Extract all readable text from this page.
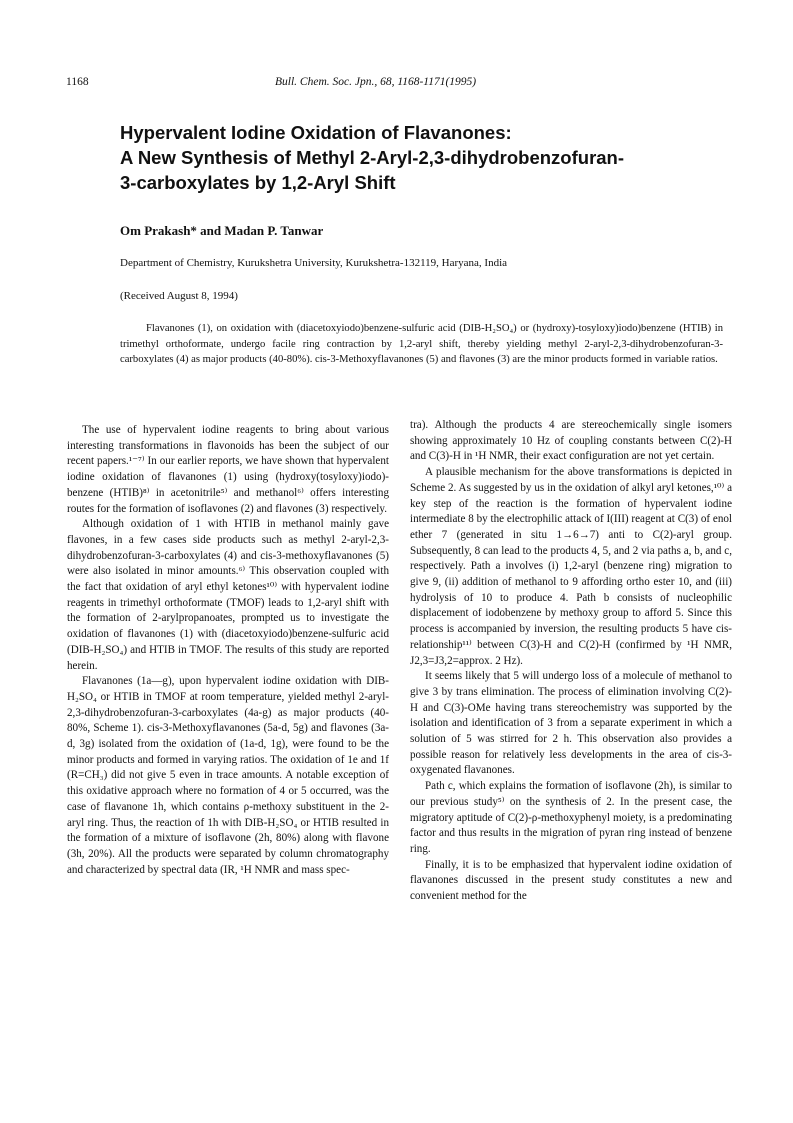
1168	Bull. Chem. Soc. Jpn., 68, 1168-1171(1995)
Hypervalent Iodine Oxidation of Flavanones:
A New Synthesis of Methyl 2-Aryl-2,3-dihydrobenzofuran-
3-carboxylates by 1,2-Aryl Shift
Om Prakash* and Madan P. Tanwar
Department of Chemistry, Kurukshetra University, Kurukshetra-132119, Haryana, India
(Received August 8, 1994)

Flavanones (1), on oxidation with (diacetoxyiodo)benzene-sulfuric acid (DIB-H₂SO₄) or (hydroxy)-tosyloxy)iodo)benzene (HTIB) in trimethyl orthoformate, undergo facile ring contraction by 1,2-aryl shift, thereby yielding methyl 2-aryl-2,3-dihydrobenzofuran-3-carboxylates (4) as major products (40-80%). cis-3-Methoxyflavanones (5) and flavones (3) are the minor products formed in variable ratios.

The use of hypervalent iodine reagents to bring about various interesting transformations in flavonoids has been the subject of our recent papers.¹⁻⁷⁾ In our earlier reports, we have shown that hypervalent iodine oxidation of flavanones (1) using (hydroxy(tosyloxy)iodo)-benzene (HTIB)⁸⁾ in acetonitrile⁵⁾ and methanol⁶⁾ offers interesting routes for the formation of isoflavones (2) and flavones (3) respectively.

Although oxidation of 1 with HTIB in methanol mainly gave flavones, in a few cases side products such as methyl 2-aryl-2,3-dihydrobenzofuran-3-carboxylates (4) and cis-3-methoxyflavanones (5) were also isolated in minor amounts.⁶⁾ This observation coupled with the fact that oxidation of aryl ethyl ketones¹⁰⁾ with hypervalent iodine reagents in trimethyl orthoformate (TMOF) leads to 1,2-aryl shift with the formation of 2-arylpropanoates, prompted us to investigate the oxidation of flavanones (1) with (diacetoxyiodo)benzene-sulfuric acid (DIB-H₂SO₄) and HTIB in TMOF. The results of this study are reported herein.

Flavanones (1a—g), upon hypervalent iodine oxidation with DIB-H₂SO₄ or HTIB in TMOF at room temperature, yielded methyl 2-aryl-2,3-dihydrobenzofuran-3-carboxylates (4a-g) as major products (40-80%, Scheme 1). cis-3-Methoxyflavanones (5a-d, 5g) and flavones (3a-d, 3g) isolated from the oxidation of (1a-d, 1g), were found to be the minor products and formed in varying ratios. The oxidation of 1e and 1f (R=CH₃) did not give 5 even in trace amounts. A notable exception of this oxidative approach where no formation of 4 or 5 occurred, was the case of flavanone 1h, which contains ρ-methoxy substituent in the 2-aryl ring. Thus, the reaction of 1h with DIB-H₂SO₄ or HTIB resulted in the formation of a mixture of isoflavone (2h, 80%) along with flavone (3h, 20%). All the products were separated by column chromatography and characterized by spectral data (IR, ¹H NMR and mass spec-

tra). Although the products 4 are stereochemically single isomers showing approximately 10 Hz of coupling constants between C(2)-H and C(3)-H in ¹H NMR, their exact configuration are not yet certain.

A plausible mechanism for the above transformations is depicted in Scheme 2. As suggested by us in the oxidation of alkyl aryl ketones,¹⁰⁾ a key step of the reaction is the formation of hypervalent iodine intermediate 8 by the electrophilic attack of I(III) reagent at C(3) of enol ether 7 (generated in situ 1→6→7) anti to C(2)-aryl group. Subsequently, 8 can lead to the products 4, 5, and 2 via paths a, b, and c, respectively. Path a involves (i) 1,2-aryl (benzene ring) migration to give 9, (ii) addition of methanol to 9 affording ortho ester 10, and (iii) hydrolysis of 10 to produce 4. Path b consists of nucleophilic displacement of iodobenzene by methoxy group to afford 5. Since this process is accompanied by inversion, the resulting products 5 have cis-relationship¹¹⁾ between C(3)-H and C(2)-H (confirmed by ¹H NMR, J2,3=J3,2=approx. 2 Hz).

It seems likely that 5 will undergo loss of a molecule of methanol to give 3 by trans elimination. The process of elimination involving C(2)-H and C(3)-OMe having trans stereochemistry was supported by the isolation and identification of 3 from a separate experiment in which a solution of 5 was stirred for 2 h. This observation also provides a possible reason for relatively less developments in the area of cis-3-oxygenated flavanones.

Path c, which explains the formation of isoflavone (2h), is similar to our previous study⁵⁾ on the synthesis of 2. In the present case, the migratory aptitude of C(2)-ρ-methoxyphenyl moiety, is a predominating factor and thus results in the migration of pyran ring instead of benzene ring.

Finally, it is to be emphasized that hypervalent iodine oxidation of flavanones discussed in the present study constitutes a new and convenient method for the
